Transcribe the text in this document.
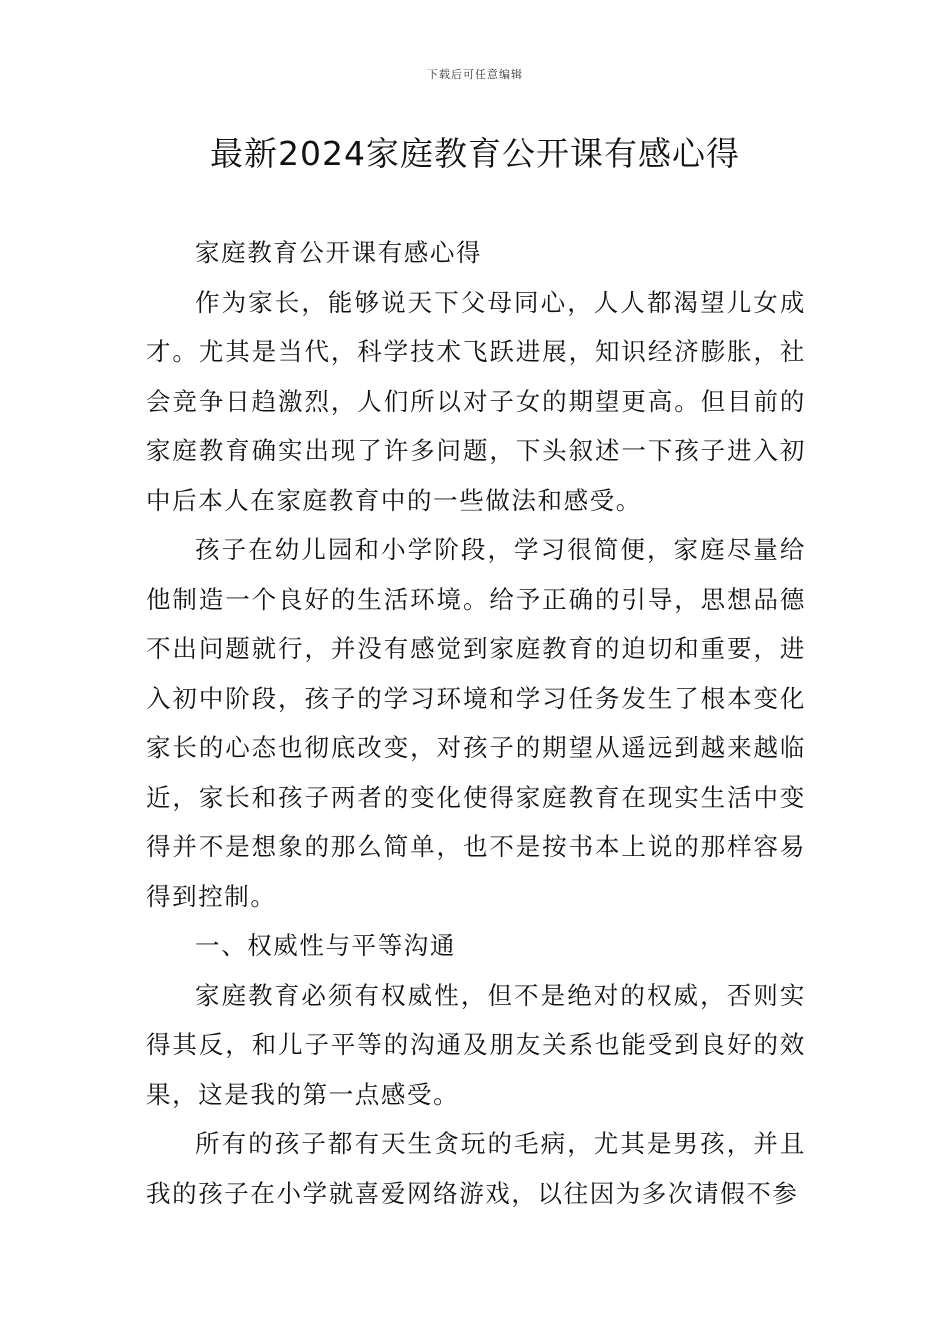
下载后可任意编辑
最新2024家庭教育公开课有感心得

家庭教育公开课有感心得

作为家长，能够说天下父母同心，人人都渴望儿女成才。尤其是当代，科学技术飞跃进展，知识经济膨胀，社会竞争日趋激烈，人们所以对子女的期望更高。但目前的家庭教育确实出现了许多问题，下头叙述一下孩子进入初中后本人在家庭教育中的一些做法和感受。

孩子在幼儿园和小学阶段，学习很简便，家庭尽量给他制造一个良好的生活环境。给予正确的引导，思想品德不出问题就行，并没有感觉到家庭教育的迫切和重要，进入初中阶段，孩子的学习环境和学习任务发生了根本变化家长的心态也彻底改变，对孩子的期望从遥远到越来越临近，家长和孩子两者的变化使得家庭教育在现实生活中变得并不是想象的那么简单，也不是按书本上说的那样容易得到控制。

一、权威性与平等沟通

家庭教育必须有权威性，但不是绝对的权威，否则实得其反，和儿子平等的沟通及朋友关系也能受到良好的效果，这是我的第一点感受。

所有的孩子都有天生贪玩的毛病，尤其是男孩，并且我的孩子在小学就喜爱网络游戏，以往因为多次请假不参
